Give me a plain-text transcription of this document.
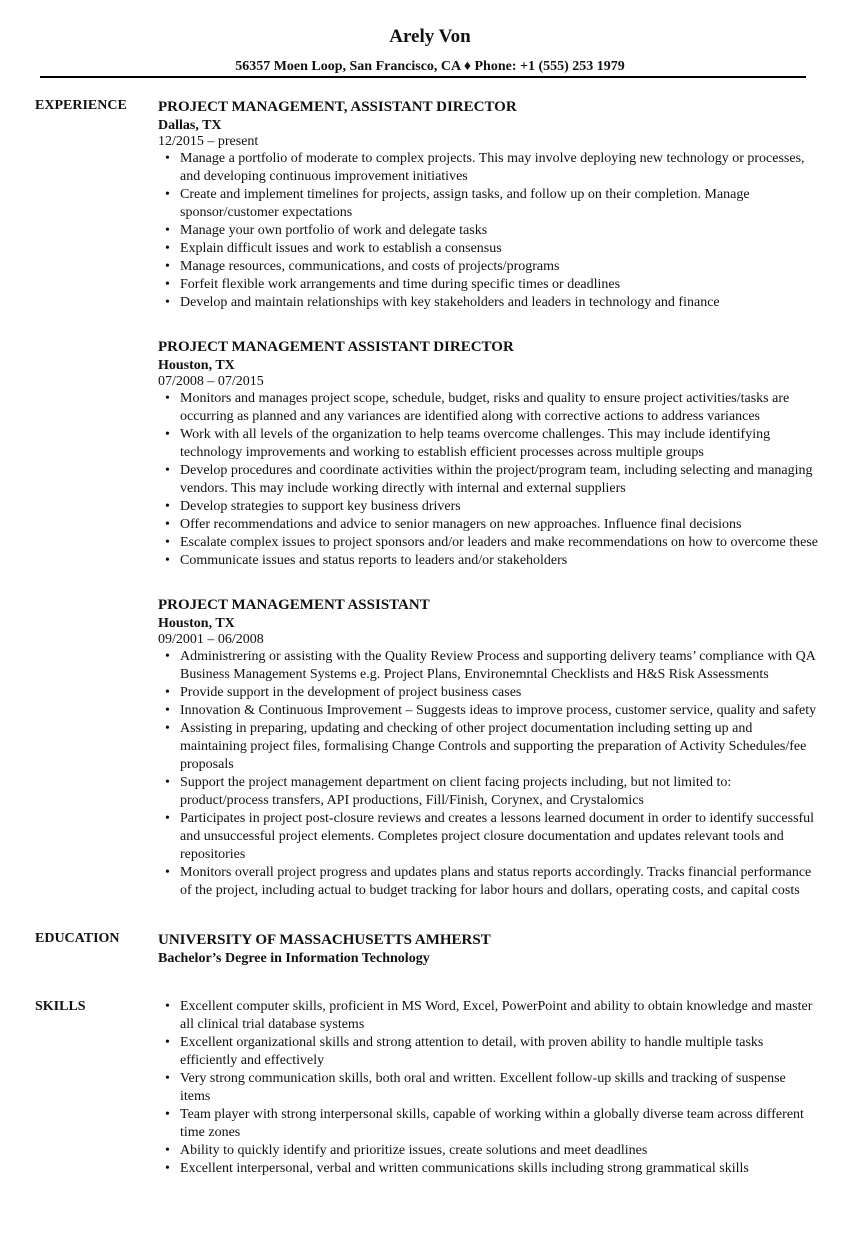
Arely Von
56357 Moen Loop, San Francisco, CA ♦ Phone: +1 (555) 253 1979
EXPERIENCE	PROJECT MANAGEMENT, ASSISTANT DIRECTOR
Dallas, TX
12/2015 – present
• Manage a portfolio of moderate to complex projects. This may involve deploying new technology or processes, and developing continuous improvement initiatives
• Create and implement timelines for projects, assign tasks, and follow up on their completion. Manage sponsor/customer expectations
• Manage your own portfolio of work and delegate tasks
• Explain difficult issues and work to establish a consensus
• Manage resources, communications, and costs of projects/programs
• Forfeit flexible work arrangements and time during specific times or deadlines
• Develop and maintain relationships with key stakeholders and leaders in technology and finance
PROJECT MANAGEMENT ASSISTANT DIRECTOR
Houston, TX
07/2008 – 07/2015
• Monitors and manages project scope, schedule, budget, risks and quality to ensure project activities/tasks are occurring as planned and any variances are identified along with corrective actions to address variances
• Work with all levels of the organization to help teams overcome challenges. This may include identifying technology improvements and working to establish efficient processes across multiple groups
• Develop procedures and coordinate activities within the project/program team, including selecting and managing vendors. This may include working directly with internal and external suppliers
• Develop strategies to support key business drivers
• Offer recommendations and advice to senior managers on new approaches. Influence final decisions
• Escalate complex issues to project sponsors and/or leaders and make recommendations on how to overcome these
• Communicate issues and status reports to leaders and/or stakeholders
PROJECT MANAGEMENT ASSISTANT
Houston, TX
09/2001 – 06/2008
• Administrering or assisting with the Quality Review Process and supporting delivery teams’ compliance with QA Business Management Systems e.g. Project Plans, Environemntal Checklists and H&S Risk Assessments
• Provide support in the development of project business cases
• Innovation & Continuous Improvement – Suggests ideas to improve process, customer service, quality and safety
• Assisting in preparing, updating and checking of other project documentation including setting up and maintaining project files, formalising Change Controls and supporting the preparation of Activity Schedules/fee proposals
• Support the project management department on client facing projects including, but not limited to: product/process transfers, API productions, Fill/Finish, Corynex, and Crystalomics
• Participates in project post-closure reviews and creates a lessons learned document in order to identify successful and unsuccessful project elements. Completes project closure documentation and updates relevant tools and repositories
• Monitors overall project progress and updates plans and status reports accordingly. Tracks financial performance of the project, including actual to budget tracking for labor hours and dollars, operating costs, and capital costs
EDUCATION	UNIVERSITY OF MASSACHUSETTS AMHERST
Bachelor’s Degree in Information Technology
SKILLS
•	Excellent computer skills, proficient in MS Word, Excel, PowerPoint and ability to obtain knowledge and master all clinical trial database systems
• Excellent organizational skills and strong attention to detail, with proven ability to handle multiple tasks efficiently and effectively
• Very strong communication skills, both oral and written. Excellent follow-up skills and tracking of suspense items
• Team player with strong interpersonal skills, capable of working within a globally diverse team across different time zones
• Ability to quickly identify and prioritize issues, create solutions and meet deadlines
• Excellent interpersonal, verbal and written communications skills including strong grammatical skills
